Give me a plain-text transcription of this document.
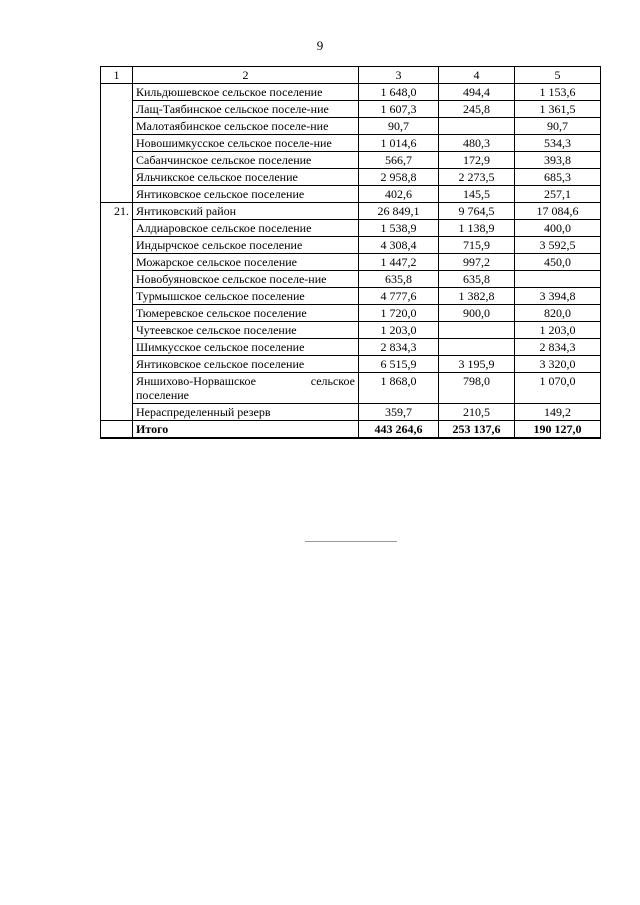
9
1	2	3	4	5
	Кильдюшевское сельское поселение	1 648,0	494,4	1 153,6
	Лащ-Таябинское сельское поселе-ние	1 607,3	245,8	1 361,5
	Малотаябинское сельское поселе-ние	90,7		90,7
	Новошимкусское сельское поселе-ние	1 014,6	480,3	534,3
	Сабанчинское сельское поселение	566,7	172,9	393,8
	Яльчикское сельское поселение	2 958,8	2 273,5	685,3
	Янтиковское сельское поселение	402,6	145,5	257,1
21.	Янтиковский район	26 849,1	9 764,5	17 084,6
	Алдиаровское сельское поселение	1 538,9	1 138,9	400,0
	Индырчское сельское поселение	4 308,4	715,9	3 592,5
	Можарское сельское поселение	1 447,2	997,2	450,0
	Новобуяновское сельское поселе-ние	635,8	635,8	
	Турмышское сельское поселение	4 777,6	1 382,8	3 394,8
	Тюмеревское сельское поселение	1 720,0	900,0	820,0
	Чутеевское сельское поселение	1 203,0		1 203,0
	Шимкусское сельское поселение	2 834,3		2 834,3
	Янтиковское сельское поселение	6 515,9	3 195,9	3 320,0
	Яншихово-Норвашское сельское поселение	1 868,0	798,0	1 070,0
	Нераспределенный резерв	359,7	210,5	149,2
	Итого	443 264,6	253 137,6	190 127,0
